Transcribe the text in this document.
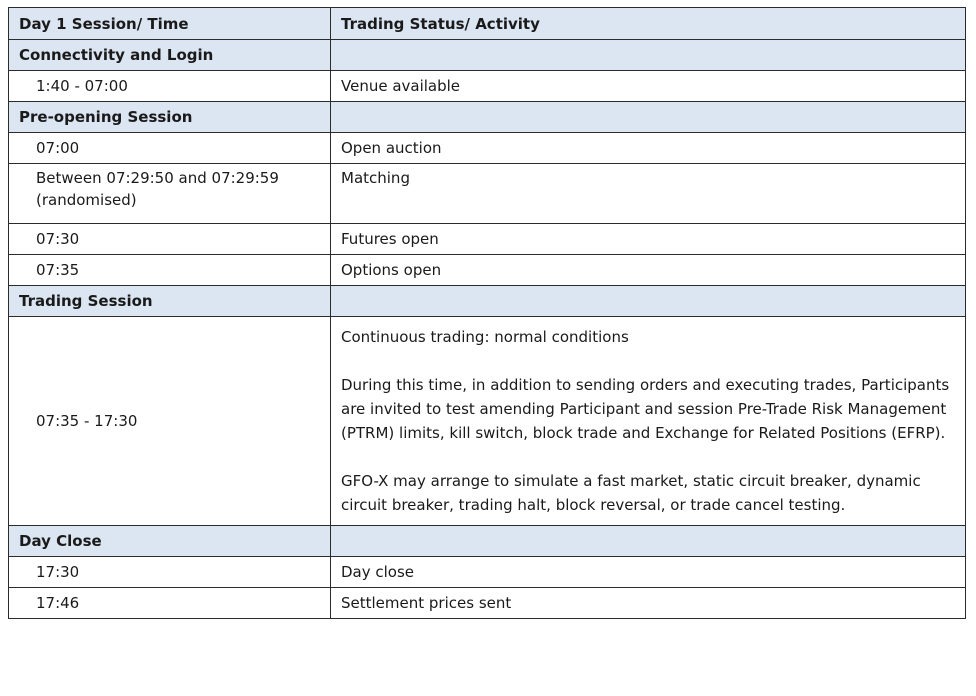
Day 1 Session/ Time	Trading Status/ Activity
Connectivity and Login	
1:40 - 07:00	Venue available
Pre-opening Session	
07:00	Open auction
Between 07:29:50 and 07:29:59 (randomised)	Matching
07:30	Futures open
07:35	Options open
Trading Session	
07:35 - 17:30	Continuous trading: normal conditions
During this time, in addition to sending orders and executing trades, Participants are invited to test amending Participant and session Pre-Trade Risk Management (PTRM) limits, kill switch, block trade and Exchange for Related Positions (EFRP).
GFO-X may arrange to simulate a fast market, static circuit breaker, dynamic circuit breaker, trading halt, block reversal, or trade cancel testing.

Day Close	
17:30	Day close
17:46	Settlement prices sent
